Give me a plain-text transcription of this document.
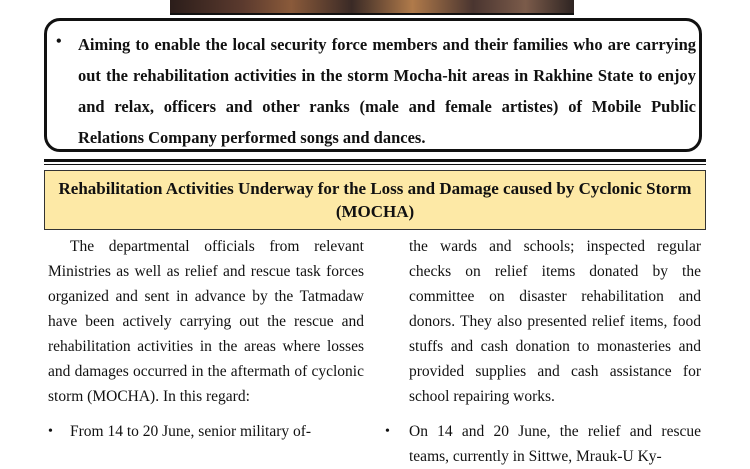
• Aiming to enable the local security force members and their families who are carrying out the rehabilitation activities in the storm Mocha-hit areas in Rakhine State to enjoy and relax, officers and other ranks (male and female artistes) of Mobile Public Relations Company performed songs and dances.

Rehabilitation Activities Underway for the Loss and Damage caused by Cyclonic Storm (MOCHA)

The departmental officials from relevant Ministries as well as relief and rescue task forces organized and sent in advance by the Tatmadaw have been actively carrying out the rescue and rehabilitation activities in the areas where losses and damages occurred in the aftermath of cyclonic storm (MOCHA). In this regard:

• From 14 to 20 June, senior military of-

the wards and schools; inspected regular checks on relief items donated by the committee on disaster rehabilitation and donors. They also presented relief items, food stuffs and cash donation to monasteries and provided supplies and cash assistance for school repairing works.

• On 14 and 20 June, the relief and rescue teams, currently in Sittwe, Mrauk-U Ky-
